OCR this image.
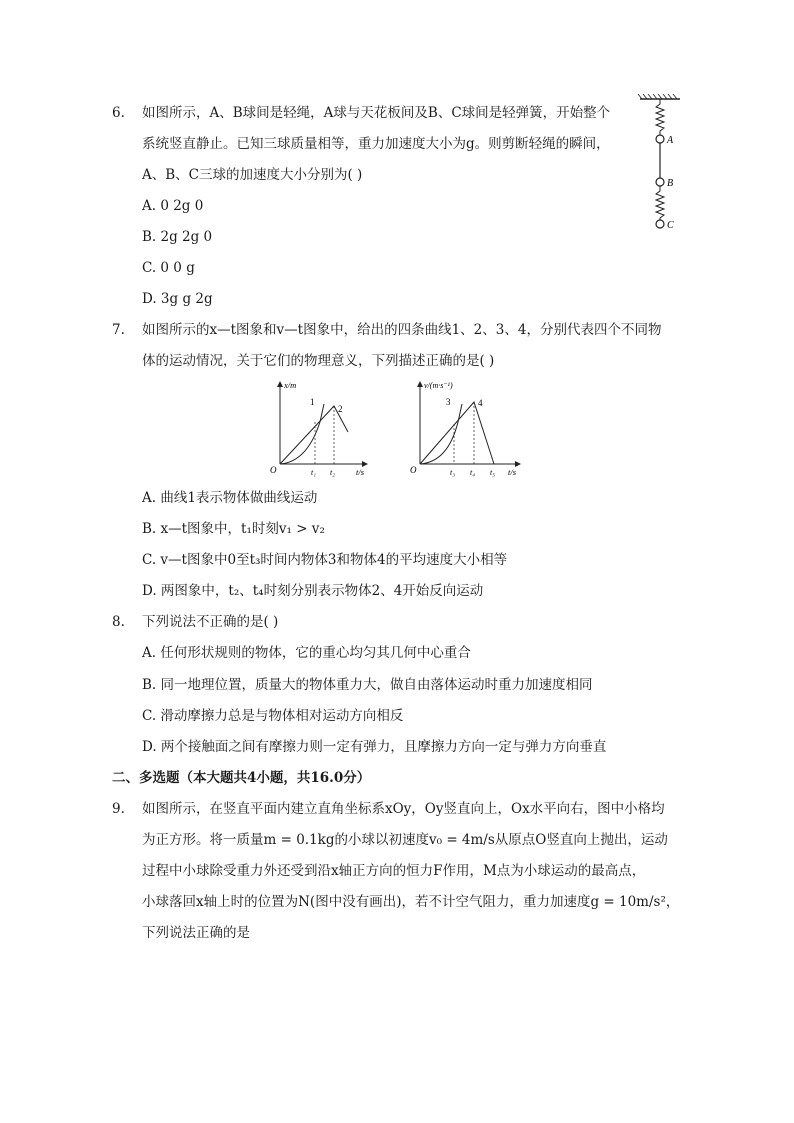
6. 如图所示，A、B球间是轻绳，A球与天花板间及B、C球间是轻弹簧，开始整个
系统竖直静止。已知三球质量相等，重力加速度大小为g。则剪断轻绳的瞬间，
A、B、C三球的加速度大小分别为( )
A. 0 2g 0
B. 2g 2g 0
C. 0 0 g
D. 3g g 2g
A
B
C
7. 如图所示的x—t图象和v—t图象中，给出的四条曲线1、2、3、4，分别代表四个不同物
体的运动情况，关于它们的物理意义，下列描述正确的是( )
x/m
t/s
O
1
2
t₁ t₂
v/(m·s⁻¹)
t/s
O
3	4
t₃ t₄ t₅
A. 曲线1表示物体做曲线运动
B. x—t图象中，t₁时刻v₁ > v₂
C. v—t图象中0至t₃时间内物体3和物体4的平均速度大小相等
D. 两图象中，t₂、t₄时刻分别表示物体2、4开始反向运动
8. 下列说法不正确的是( )
A. 任何形状规则的物体，它的重心均匀其几何中心重合
B. 同一地理位置，质量大的物体重力大，做自由落体运动时重力加速度相同
C. 滑动摩擦力总是与物体相对运动方向相反
D. 两个接触面之间有摩擦力则一定有弹力，且摩擦力方向一定与弹力方向垂直
二、多选题（本大题共4小题，共16.0分）
9. 如图所示，在竖直平面内建立直角坐标系xOy，Oy竖直向上，Ox水平向右，图中小格均
为正方形。将一质量m = 0.1kg的小球以初速度v₀ = 4m/s从原点O竖直向上抛出，运动
过程中小球除受重力外还受到沿x轴正方向的恒力F作用，M点为小球运动的最高点，
小球落回x轴上时的位置为N(图中没有画出)，若不计空气阻力，重力加速度g = 10m/s²，
下列说法正确的是
